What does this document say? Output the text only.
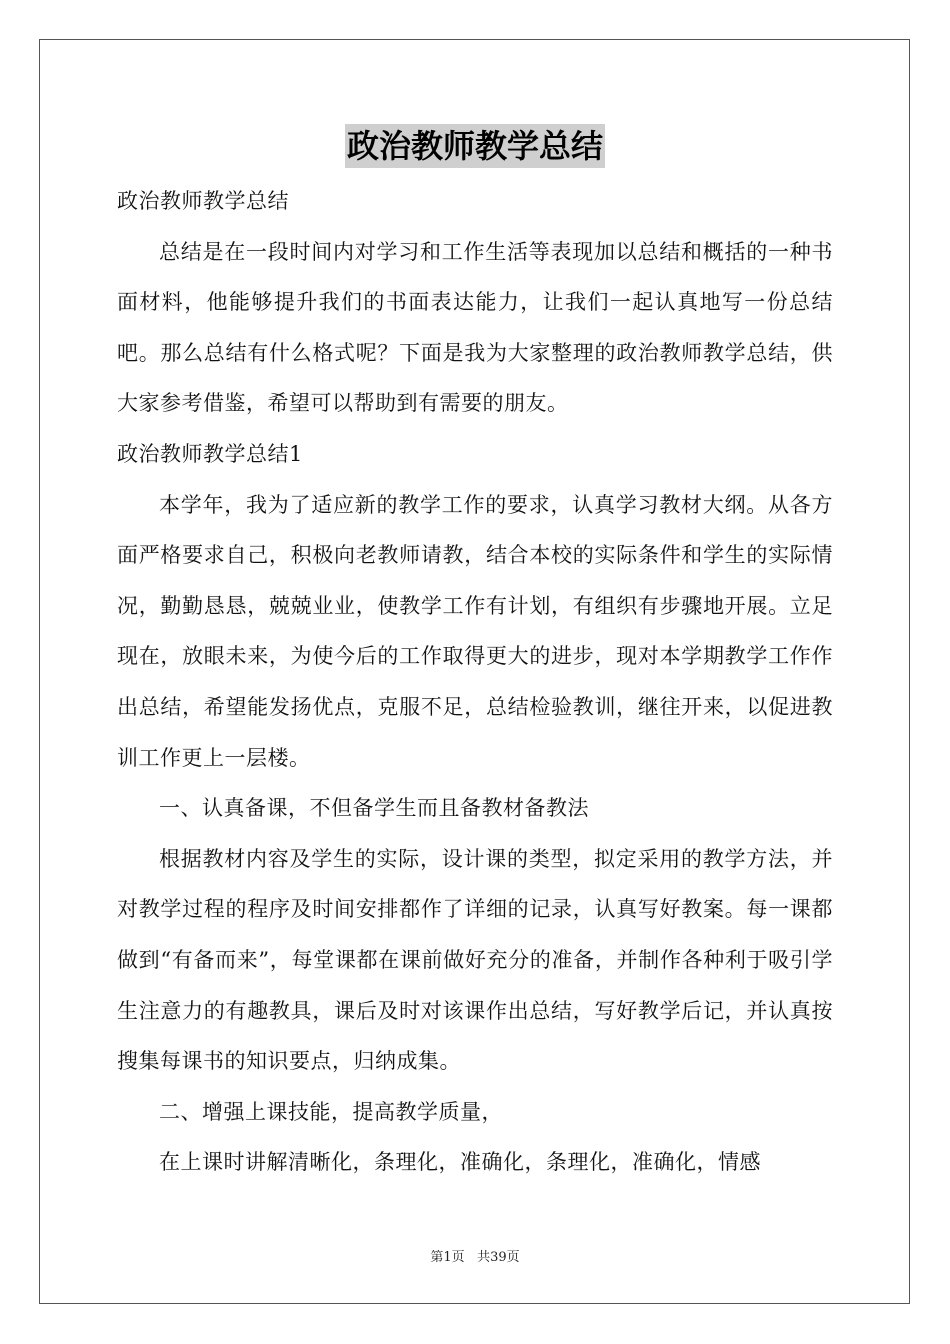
政治教师教学总结

政治教师教学总结

总结是在一段时间内对学习和工作生活等表现加以总结和概括的一种书面材料，他能够提升我们的书面表达能力，让我们一起认真地写一份总结吧。那么总结有什么格式呢？下面是我为大家整理的政治教师教学总结，供大家参考借鉴，希望可以帮助到有需要的朋友。

政治教师教学总结1

本学年，我为了适应新的教学工作的要求，认真学习教材大纲。从各方面严格要求自己，积极向老教师请教，结合本校的实际条件和学生的实际情况，勤勤恳恳，兢兢业业，使教学工作有计划，有组织有步骤地开展。立足现在，放眼未来，为使今后的工作取得更大的进步，现对本学期教学工作作出总结，希望能发扬优点，克服不足，总结检验教训，继往开来，以促进教训工作更上一层楼。

一、认真备课，不但备学生而且备教材备教法

根据教材内容及学生的实际，设计课的类型，拟定采用的教学方法，并对教学过程的程序及时间安排都作了详细的记录，认真写好教案。每一课都做到“有备而来”，每堂课都在课前做好充分的准备，并制作各种利于吸引学生注意力的有趣教具，课后及时对该课作出总结，写好教学后记，并认真按搜集每课书的知识要点，归纳成集。

二、增强上课技能，提高教学质量，

在上课时讲解清晰化，条理化，准确化，条理化，准确化，情感

第1页 共39页
